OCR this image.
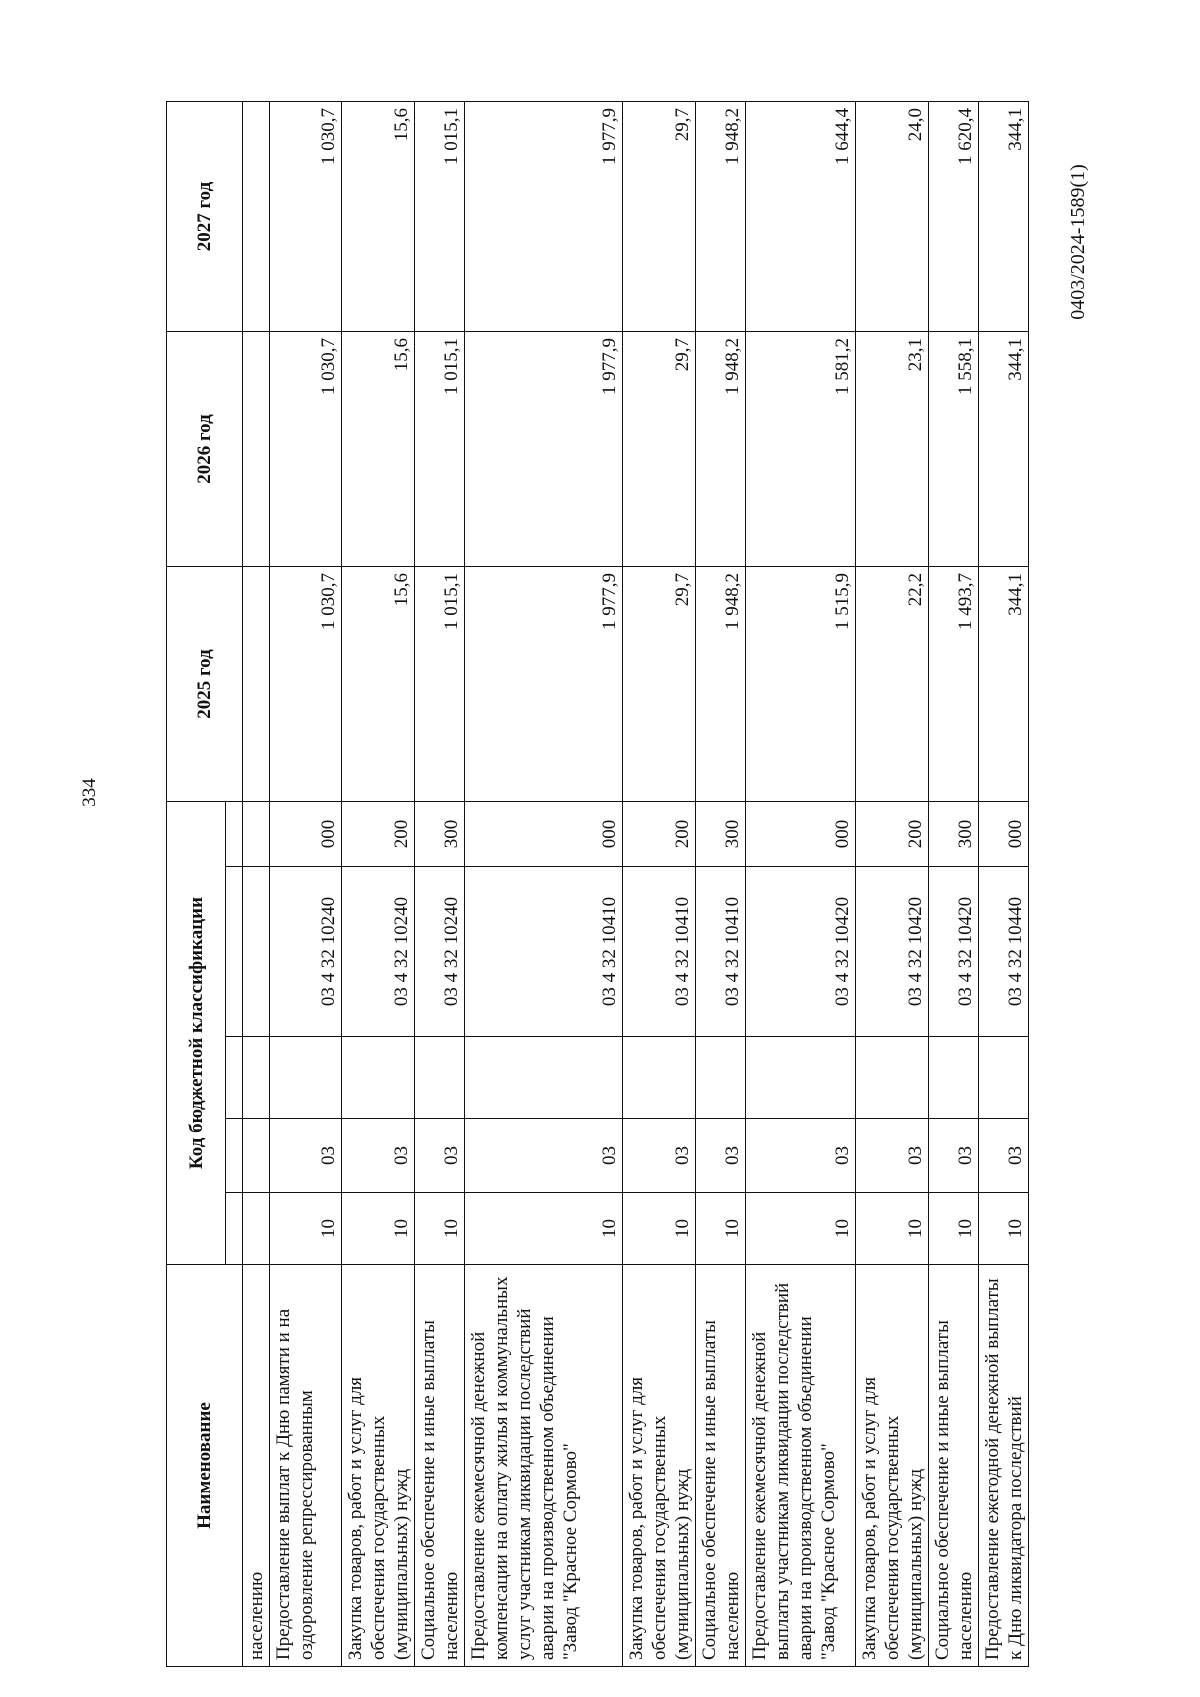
334
0403/2024-1589(1)
Наименование	Код бюджетной классификации					2025 год	2026 год	2027 год

населению								
Предоставление выплат к Дню памяти и на оздоровление репрессированным	10	03		03 4 32 10240	000	1 030,7	1 030,7	1 030,7
Закупка товаров, работ и услуг для обеспечения государственных (муниципальных) нужд	10	03		03 4 32 10240	200	15,6	15,6	15,6
Социальное обеспечение и иные выплаты населению	10	03		03 4 32 10240	300	1 015,1	1 015,1	1 015,1
Предоставление ежемесячной денежной компенсации на оплату жилья и коммунальных услуг участникам ликвидации последствий аварии на производственном объединении "Завод "Красное Сормово"	10	03		03 4 32 10410	000	1 977,9	1 977,9	1 977,9
Закупка товаров, работ и услуг для обеспечения государственных (муниципальных) нужд	10	03		03 4 32 10410	200	29,7	29,7	29,7
Социальное обеспечение и иные выплаты населению	10	03		03 4 32 10410	300	1 948,2	1 948,2	1 948,2
Предоставление ежемесячной денежной выплаты участникам ликвидации последствий аварии на производственном объединении "Завод "Красное Сормово"	10	03		03 4 32 10420	000	1 515,9	1 581,2	1 644,4
Закупка товаров, работ и услуг для обеспечения государственных (муниципальных) нужд	10	03		03 4 32 10420	200	22,2	23,1	24,0
Социальное обеспечение и иные выплаты населению	10	03		03 4 32 10420	300	1 493,7	1 558,1	1 620,4
Предоставление ежегодной денежной выплаты к Дню ликвидатора последствий	10	03		03 4 32 10440	000	344,1	344,1	344,1
